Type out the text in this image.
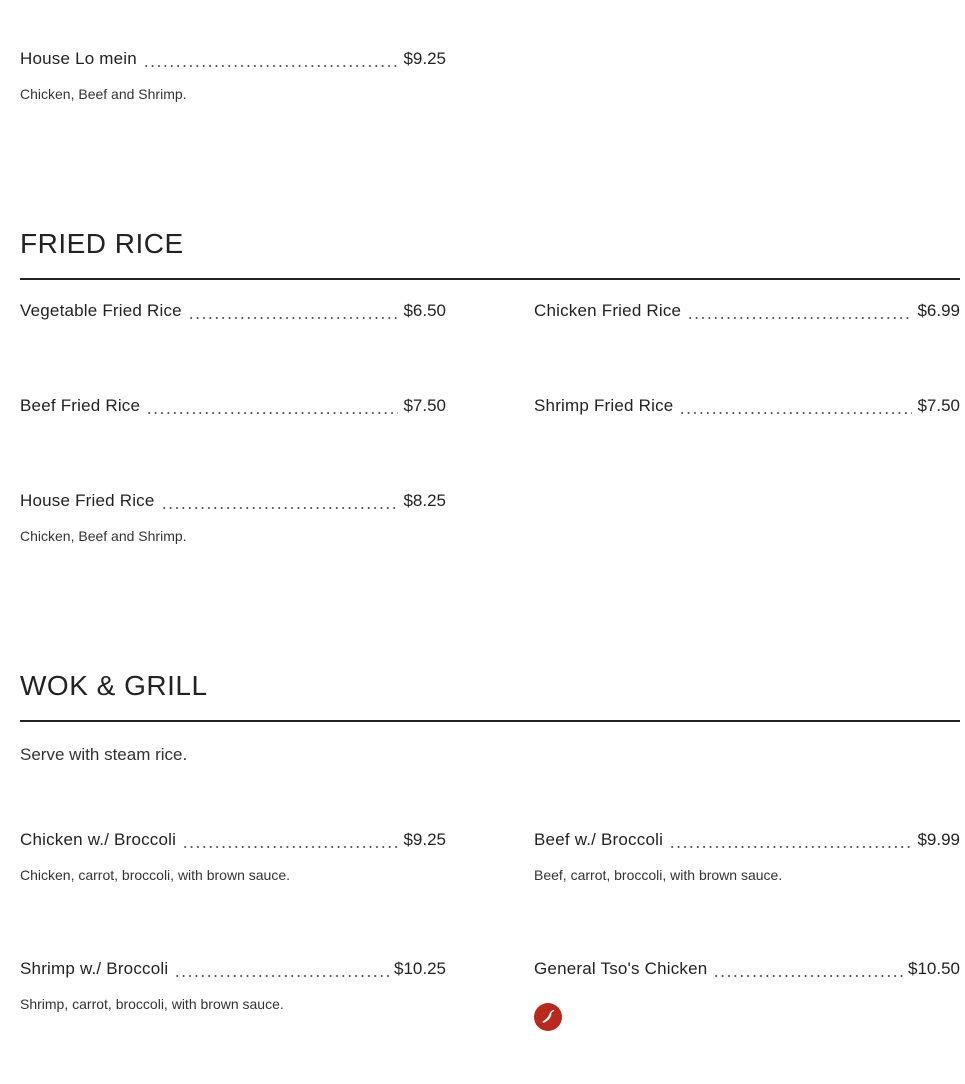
House Lo mein	$9.25
Chicken, Beef and Shrimp.
FRIED RICE
Vegetable Fried Rice	$6.50	Chicken Fried Rice	$6.99
Beef Fried Rice	$7.50	Shrimp Fried Rice	$7.50
House Fried Rice	$8.25
Chicken, Beef and Shrimp.
WOK & GRILL
Serve with steam rice.
Chicken w./ Broccoli	$9.25
Chicken, carrot, broccoli, with brown sauce.
Beef w./ Broccoli	$9.99
Beef, carrot, broccoli, with brown sauce.
Shrimp w./ Broccoli	$10.25
Shrimp, carrot, broccoli, with brown sauce.
General Tso's Chicken	$10.50
